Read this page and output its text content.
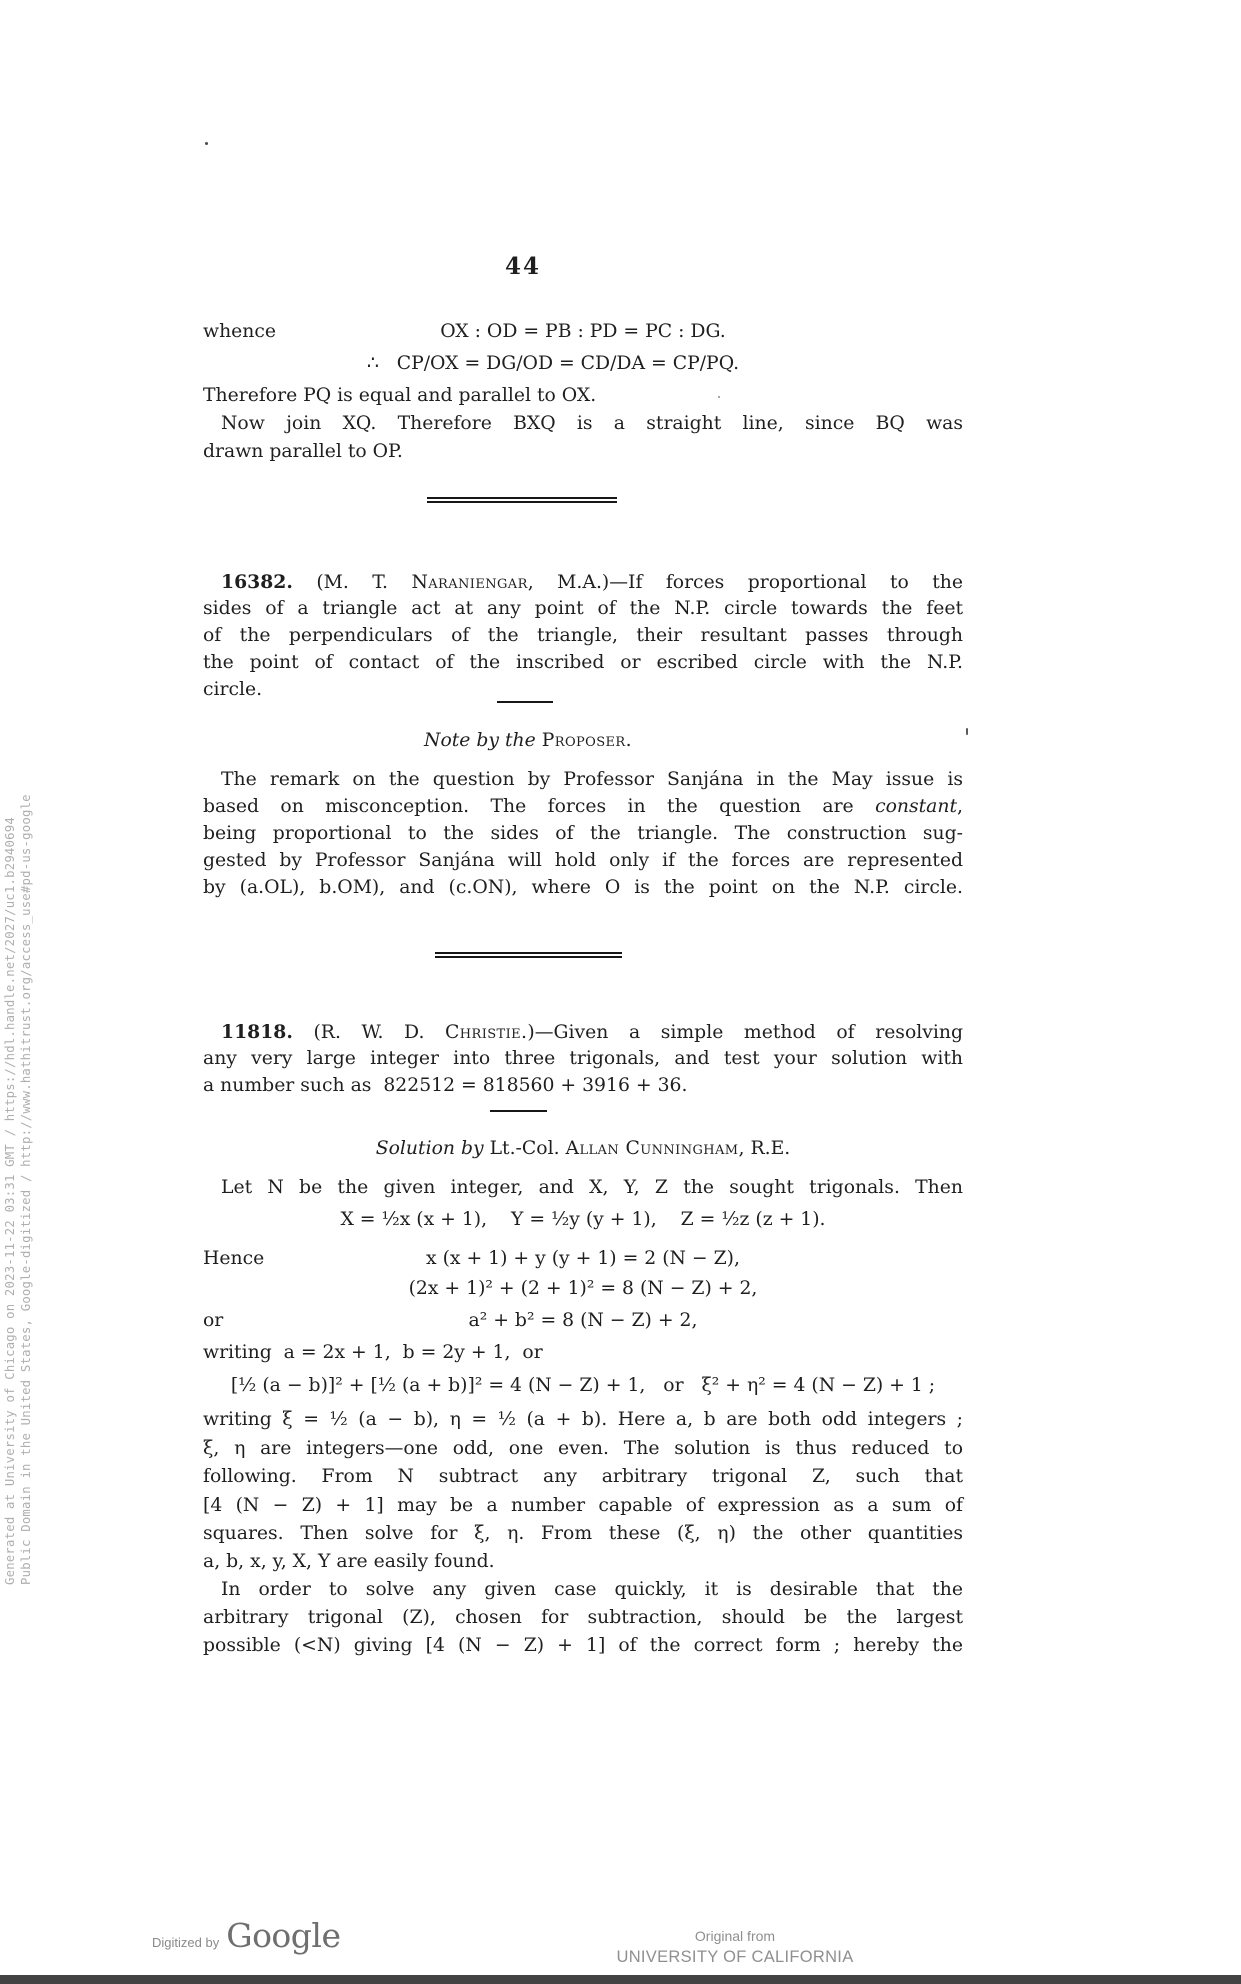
Generated at University of Chicago on 2023-11-22 03:31 GMT / https://hdl.handle.net/2027/uc1.b2940694 Public Domain in the United States, Google-digitized / http://www.hathitrust.org/access_use#pd-us-google
44
whence	OX : OD = PB : PD = PC : DG.
∴   CP/OX = DG/OD = CD/DA = CP/PQ.
Therefore PQ is equal and parallel to OX.
Now join XQ. Therefore BXQ is a straight line, since BQ was
drawn parallel to OP.
16382. (M. T. Naraniengar, M.A.)—If forces proportional to the
sides of a triangle act at any point of the N.P. circle towards the feet
of the perpendiculars of the triangle, their resultant passes through
the point of contact of the inscribed or escribed circle with the N.P.
circle.
Note by the Proposer.
The remark on the question by Professor Sanjána in the May issue is
based on misconception. The forces in the question are constant,
being proportional to the sides of the triangle. The construction sug-
gested by Professor Sanjána will hold only if the forces are represented
by (a.OL), b.OM), and (c.ON), where O is the point on the N.P. circle.
11818. (R. W. D. Christie.)—Given a simple method of resolving
any very large integer into three trigonals, and test your solution with
a number such as  822512 = 818560 + 3916 + 36.
Solution by Lt.-Col. Allan Cunningham, R.E.
Let N be the given integer, and X, Y, Z the sought trigonals. Then
X = ½x (x + 1),    Y = ½y (y + 1),    Z = ½z (z + 1).
Hence	x (x + 1) + y (y + 1) = 2 (N − Z),
(2x + 1)² + (2 + 1)² = 8 (N − Z) + 2,
or	a² + b² = 8 (N − Z) + 2,
writing  a = 2x + 1,  b = 2y + 1,  or
[½ (a − b)]² + [½ (a + b)]² = 4 (N − Z) + 1,   or   ξ² + η² = 4 (N − Z) + 1 ;
writing ξ = ½ (a − b), η = ½ (a + b). Here a, b are both odd integers ;
ξ, η are integers—one odd, one even. The solution is thus reduced to
following. From N subtract any arbitrary trigonal Z, such that
[4 (N − Z) + 1] may be a number capable of expression as a sum of
squares. Then solve for ξ, η. From these (ξ, η) the other quantities
a, b, x, y, X, Y are easily found.
In order to solve any given case quickly, it is desirable that the
arbitrary trigonal (Z), chosen for subtraction, should be the largest
possible (<N) giving [4 (N − Z) + 1] of the correct form ; hereby the
Digitized by Google	Original from
UNIVERSITY OF CALIFORNIA
